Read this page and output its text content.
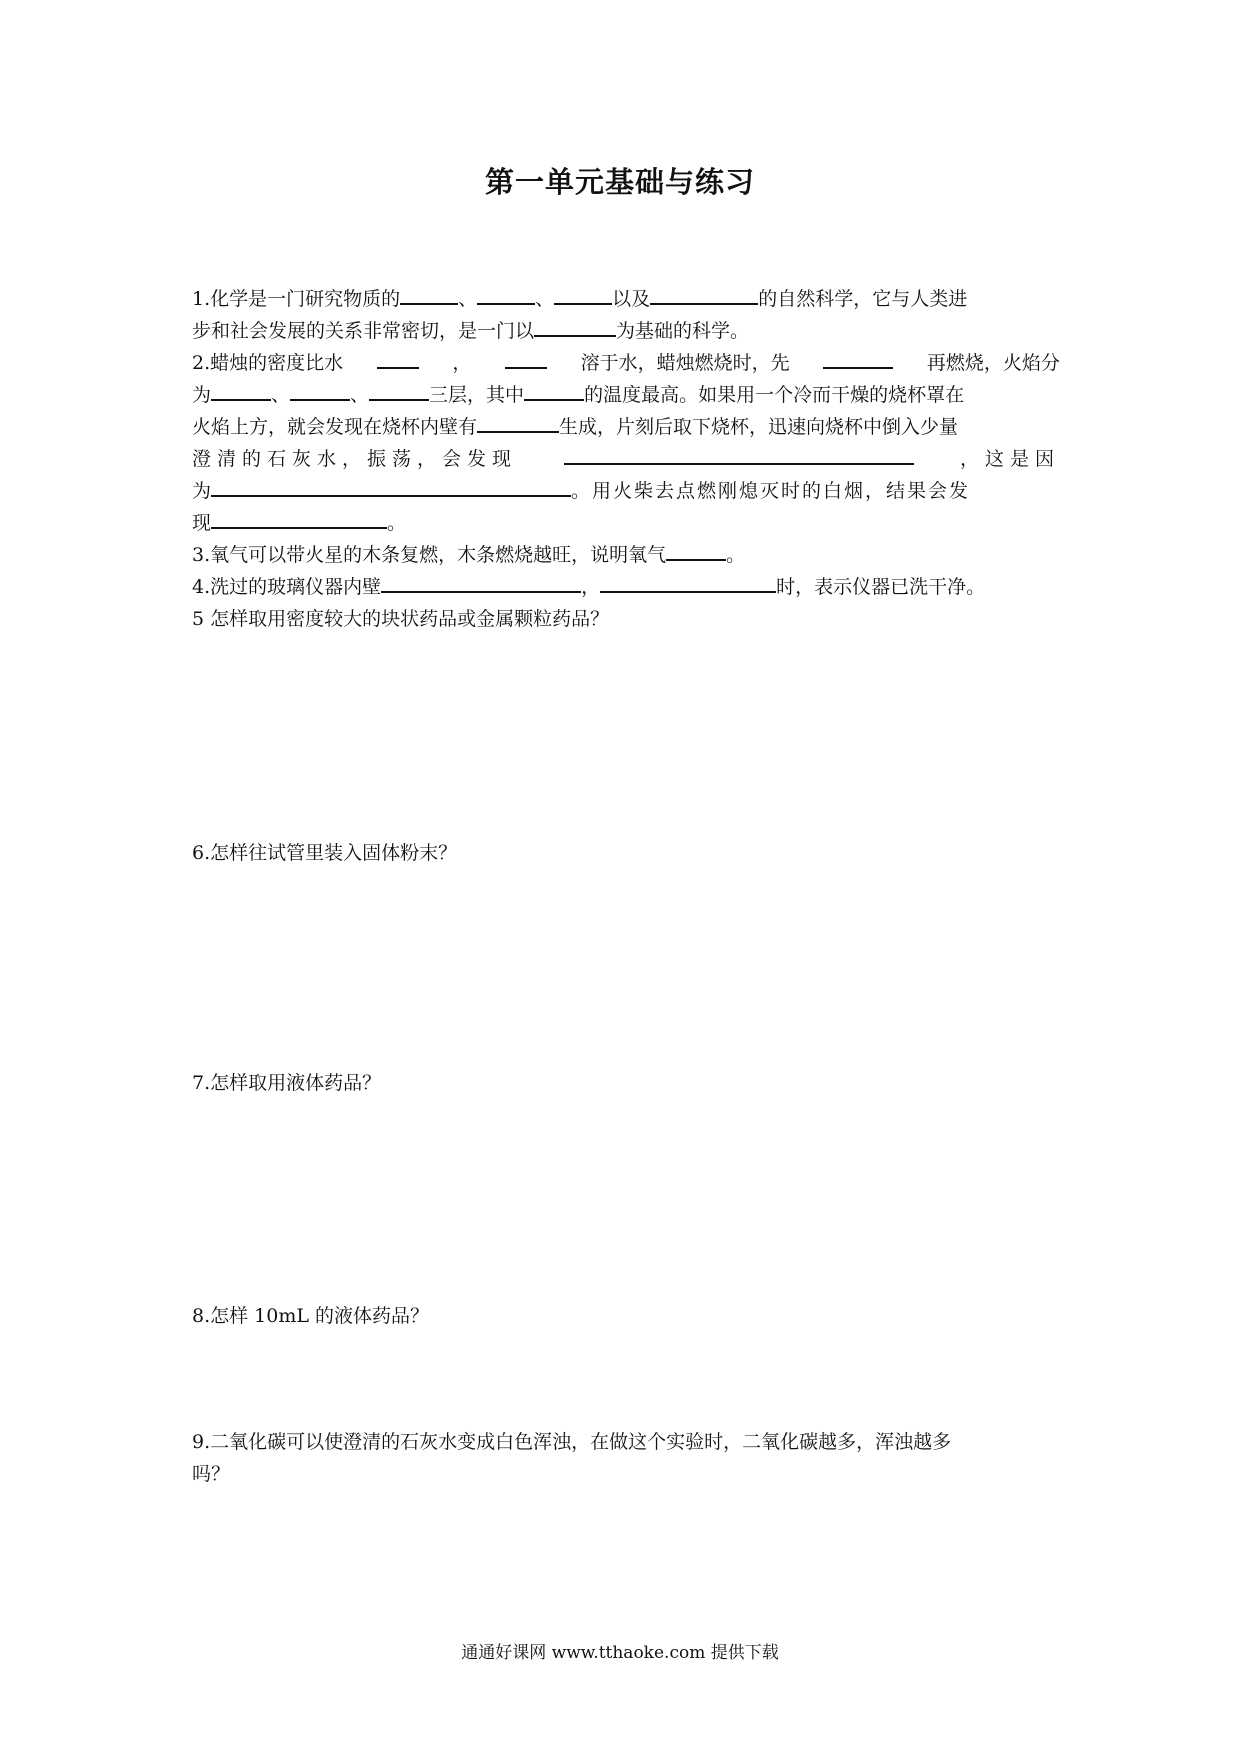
第一单元基础与练习
1.化学是一门研究物质的	、	、	以及	的自然科学，它与人类进
步和社会发展的关系非常密切，是一门以	为基础的科学。
2.蜡烛的密度比水	，	溶于水，蜡烛燃烧时，先	再燃烧，火焰分
为	、	、	三层，其中	的温度最高。如果用一个冷而干燥的烧杯罩在
火焰上方，就会发现在烧杯内壁有	生成，片刻后取下烧杯，迅速向烧杯中倒入少量
澄清的石灰水，振荡，会发现	，这是因
为	。用火柴去点燃刚熄灭时的白烟，结果会发
现	。
3.氧气可以带火星的木条复燃，木条燃烧越旺，说明氧气	。
4.洗过的玻璃仪器内壁	，	时，表示仪器已洗干净。
5 怎样取用密度较大的块状药品或金属颗粒药品？
6.怎样往试管里装入固体粉末？
7.怎样取用液体药品？
8.怎样 10mL 的液体药品？
9.二氧化碳可以使澄清的石灰水变成白色浑浊，在做这个实验时，二氧化碳越多，浑浊越多
吗？
通通好课网 www.tthaoke.com 提供下载
